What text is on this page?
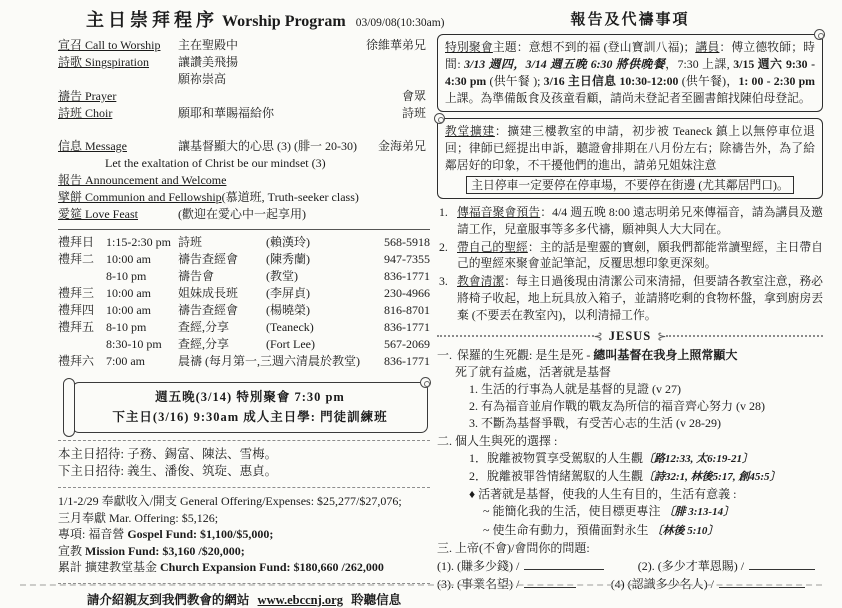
主日崇拜程序 Worship Program 03/09/08(10:30am)
宣召 Call to Worship	主在聖殿中	徐維華弟兄
詩歌 Singspiration	讓讚美飛揚
願祢崇高
禱告 Prayer	會眾
詩班 Choir	願耶和華賜福給你	詩班
信息 Message	讓基督顯大的心思 (3) (腓一 20-30) 金海弟兄
Let the exaltation of Christ be our mindset (3)
報告 Announcement and Welcome
擘餅 Communion and Fellowship (慕道班, Truth-seeker class)
愛筵 Love Feast	(歡迎在愛心中一起享用)
禮拜日 1:15-2:30 pm 詩班	(賴漢玲)	568-5918
禮拜二 10:00 am	禱告查經會	(陳秀蘭)	947-7355
8-10 pm	禱告會	(教堂)	836-1771
禮拜三 10:00 am	姐妹成長班	(李屏貞)	230-4966
禮拜四 10:00 am	禱告查經會	(楊曉榮)	816-8701
禮拜五 8-10 pm	查經,分享	(Teaneck)	836-1771
8:30-10 pm	查經,分享	(Fort Lee)	567-2069
禮拜六 7:00 am	晨禱 (每月第一,三週六清晨於教堂) 836-1771
週五晚(3/14) 特別聚會 7:30 pm
下主日(3/16) 9:30am 成人主日學: 門徒訓練班
本主日招待: 子務、錫富、陳法、雪梅。
下主日招待: 義生、潘俊、筑琁、惠貞。
1/1-2/29 奉獻收入/開支 General Offering/Expenses: $25,277/$27,076;
三月奉獻 Mar. Offering: $5,126;
專項: 福音營 Gospel Fund: $1,100/$5,000;
宣教 Mission Fund: $3,160 /$20,000;
累計 擴建教堂基金 Church Expansion Fund: $180,660 /262,000
請介紹親友到我們教會的網站 www.ebccnj.org 聆聽信息
報告及代禱事項
特別聚會主題：意想不到的福 (登山寶訓八福)；講員：傅立德牧師；時間: 3/13 週四，3/14 週五晚 6:30 將供晚餐，7:30 上課, 3/15 週六 9:30 - 4:30 pm (供午餐 ); 3/16 主日信息 10:30-12:00 (供午餐)，1: 00 - 2:30 pm 上課。為準備飯食及孩童看顧，請尚未登記者至圖書館找陳伯母登記。
教堂擴建：擴建三樓教室的申請，初步被 Teaneck 鎮上以無停車位退回；律師已經提出申訴，聽證會排期在八月份左右；除禱告外，為了給鄰居好的印象，不干擾他們的進出，請弟兄姐妹注意
主日停車一定要停在停車場，不要停在街邊 (尤其鄰居門口)。
1. 傳福音聚會預告：4/4 週五晚 8:00 遠志明弟兄來傳福音，請為講員及邀請工作，兒童服事等多多代禱，願神與人大大同在。
2. 帶自己的聖經：主的話是聖靈的寶劍，願我們都能常讀聖經，主日帶自己的聖經來聚會並記筆記，反覆思想印象更深刻。
3. 教會清潔：每主日過後現由清潔公司來清掃，但要請各教室注意，務必將椅子收起，地上玩具放入箱子，並請將吃剩的食物杯盤，拿到廚房丟棄 (不要丟在教室內)，以利清掃工作。
⊰ JESUS ⊱
一. 保羅的生死觀: 是生是死 - 總叫基督在我身上照常顯大
死了就有益處，活著就是基督
1. 生活的行事為人就是基督的見證 (v 27)
2. 有為福音並肩作戰的戰友為所信的福音齊心努力 (v 28)
3. 不斷為基督爭戰，有受苦心志的生活 (v 28-29)
二. 個人生與死的選擇 :
1．脫離被物質享受駕馭的人生觀〔路12:33, 太6:19-21〕
2．脫離被罪咎情緒駕馭的人生觀〔詩32:1, 林後5:17, 創45:5〕
♦ 活著就是基督，使我的人生有目的，生活有意義 :
~ 能簡化我的生活，使目標更專注 〔腓 3:13-14〕
~ 使生命有動力，預備面對永生 〔林後 5:10〕
三. 上帝(不會)/會問你的問題:
(1). (賺多少錢) /	(2). (多少才華恩賜) /
(3). (事業名望) /	(4) (認識多少名人) /
